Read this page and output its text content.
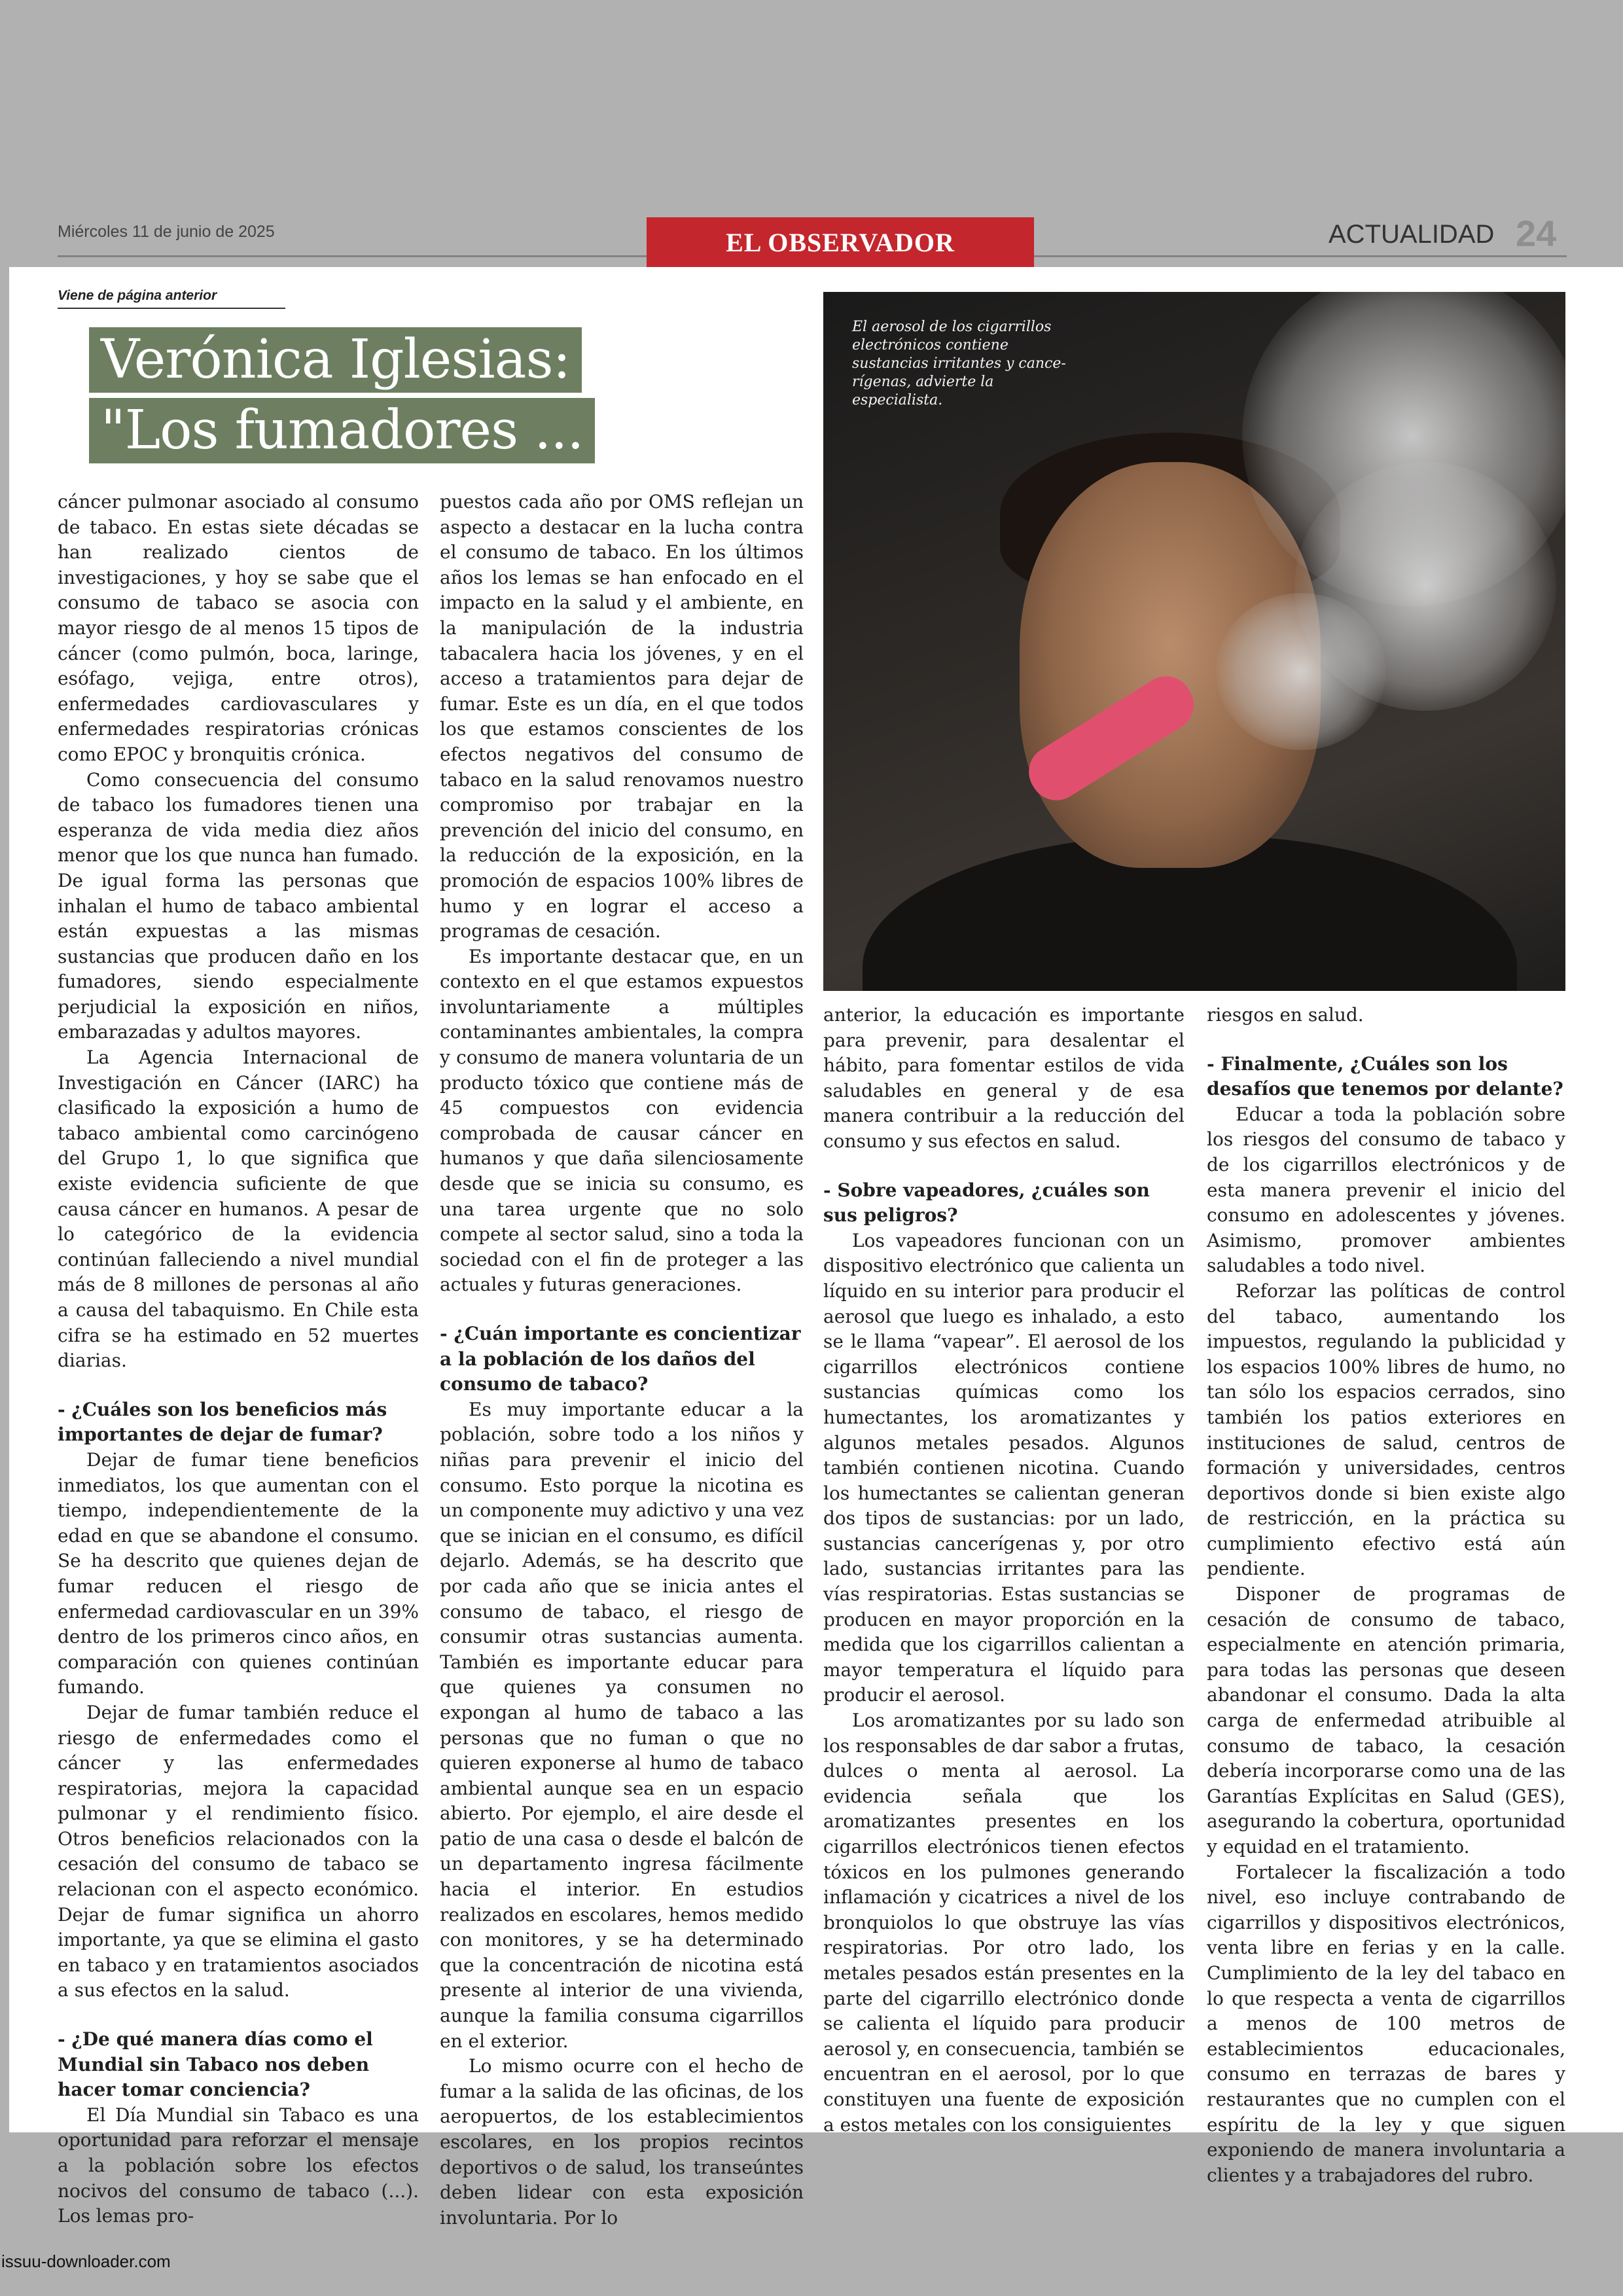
Miércoles 11 de junio de 2025	EL OBSERVADOR	ACTUALIDAD 24
Viene de página anterior
Verónica Iglesias:
"Los fumadores ...

cáncer pulmonar asociado al consumo de tabaco. En estas siete décadas se han realizado cientos de investigaciones, y hoy se sabe que el consumo de tabaco se asocia con mayor riesgo de al menos 15 tipos de cáncer (como pulmón, boca, laringe, esófago, vejiga, entre otros), enfermedades cardiovasculares y enfermedades respiratorias crónicas como EPOC y bronquitis crónica.

Como consecuencia del consumo de tabaco los fumadores tienen una esperanza de vida media diez años menor que los que nunca han fumado. De igual forma las personas que inhalan el humo de tabaco ambiental están expuestas a las mismas sustancias que producen daño en los fumadores, siendo especialmente perjudicial la exposición en niños, embarazadas y adultos mayores.

La Agencia Internacional de Investigación en Cáncer (IARC) ha clasificado la exposición a humo de tabaco ambiental como carcinógeno del Grupo 1, lo que significa que existe evidencia suficiente de que causa cáncer en humanos. A pesar de lo categórico de la evidencia continúan falleciendo a nivel mundial más de 8 millones de personas al año a causa del tabaquismo. En Chile esta cifra se ha estimado en 52 muertes diarias.

- ¿Cuáles son los beneficios más importantes de dejar de fumar?

Dejar de fumar tiene beneficios inmediatos, los que aumentan con el tiempo, independientemente de la edad en que se abandone el consumo. Se ha descrito que quienes dejan de fumar reducen el riesgo de enfermedad cardiovascular en un 39% dentro de los primeros cinco años, en comparación con quienes continúan fumando.

Dejar de fumar también reduce el riesgo de enfermedades como el cáncer y las enfermedades respiratorias, mejora la capacidad pulmonar y el rendimiento físico. Otros beneficios relacionados con la cesación del consumo de tabaco se relacionan con el aspecto económico. Dejar de fumar significa un ahorro importante, ya que se elimina el gasto en tabaco y en tratamientos asociados a sus efectos en la salud.

- ¿De qué manera días como el Mundial sin Tabaco nos deben hacer tomar conciencia?

El Día Mundial sin Tabaco es una oportunidad para reforzar el mensaje a la población sobre los efectos nocivos del consumo de tabaco (...). Los lemas pro-

puestos cada año por OMS reflejan un aspecto a destacar en la lucha contra el consumo de tabaco. En los últimos años los lemas se han enfocado en el impacto en la salud y el ambiente, en la manipulación de la industria tabacalera hacia los jóvenes, y en el acceso a tratamientos para dejar de fumar. Este es un día, en el que todos los que estamos conscientes de los efectos negativos del consumo de tabaco en la salud renovamos nuestro compromiso por trabajar en la prevención del inicio del consumo, en la reducción de la exposición, en la promoción de espacios 100% libres de humo y en lograr el acceso a programas de cesación.

Es importante destacar que, en un contexto en el que estamos expuestos involuntariamente a múltiples contaminantes ambientales, la compra y consumo de manera voluntaria de un producto tóxico que contiene más de 45 compuestos con evidencia comprobada de causar cáncer en humanos y que daña silenciosamente desde que se inicia su consumo, es una tarea urgente que no solo compete al sector salud, sino a toda la sociedad con el fin de proteger a las actuales y futuras generaciones.

- ¿Cuán importante es concientizar a la población de los daños del consumo de tabaco?

Es muy importante educar a la población, sobre todo a los niños y niñas para prevenir el inicio del consumo. Esto porque la nicotina es un componente muy adictivo y una vez que se inician en el consumo, es difícil dejarlo. Además, se ha descrito que por cada año que se inicia antes el consumo de tabaco, el riesgo de consumir otras sustancias aumenta. También es importante educar para que quienes ya consumen no expongan al humo de tabaco a las personas que no fuman o que no quieren exponerse al humo de tabaco ambiental aunque sea en un espacio abierto. Por ejemplo, el aire desde el patio de una casa o desde el balcón de un departamento ingresa fácilmente hacia el interior. En estudios realizados en escolares, hemos medido con monitores, y se ha determinado que la concentración de nicotina está presente al interior de una vivienda, aunque la familia consuma cigarrillos en el exterior.

Lo mismo ocurre con el hecho de fumar a la salida de las oficinas, de los aeropuertos, de los establecimientos escolares, en los propios recintos deportivos o de salud, los transeúntes deben lidear con esta exposición involuntaria. Por lo

El aerosol de los cigarrillos electrónicos contiene sustancias irritantes y cance-rígenas, advierte la especialista.

anterior, la educación es importante para prevenir, para desalentar el hábito, para fomentar estilos de vida saludables en general y de esa manera contribuir a la reducción del consumo y sus efectos en salud.

- Sobre vapeadores, ¿cuáles son sus peligros?

Los vapeadores funcionan con un dispositivo electrónico que calienta un líquido en su interior para producir el aerosol que luego es inhalado, a esto se le llama “vapear”. El aerosol de los cigarrillos electrónicos contiene sustancias químicas como los humectantes, los aromatizantes y algunos metales pesados. Algunos también contienen nicotina. Cuando los humectantes se calientan generan dos tipos de sustancias: por un lado, sustancias cancerígenas y, por otro lado, sustancias irritantes para las vías respiratorias. Estas sustancias se producen en mayor proporción en la medida que los cigarrillos calientan a mayor temperatura el líquido para producir el aerosol.

Los aromatizantes por su lado son los responsables de dar sabor a frutas, dulces o menta al aerosol. La evidencia señala que los aromatizantes presentes en los cigarrillos electrónicos tienen efectos tóxicos en los pulmones generando inflamación y cicatrices a nivel de los bronquiolos lo que obstruye las vías respiratorias. Por otro lado, los metales pesados están presentes en la parte del cigarrillo electrónico donde se calienta el líquido para producir aerosol y, en consecuencia, también se encuentran en el aerosol, por lo que constituyen una fuente de exposición a estos metales con los consiguientes

riesgos en salud.

- Finalmente, ¿Cuáles son los desafíos que tenemos por delante?

Educar a toda la población sobre los riesgos del consumo de tabaco y de los cigarrillos electrónicos y de esta manera prevenir el inicio del consumo en adolescentes y jóvenes. Asimismo, promover ambientes saludables a todo nivel.

Reforzar las políticas de control del tabaco, aumentando los impuestos, regulando la publicidad y los espacios 100% libres de humo, no tan sólo los espacios cerrados, sino también los patios exteriores en instituciones de salud, centros de formación y universidades, centros deportivos donde si bien existe algo de restricción, en la práctica su cumplimiento efectivo está aún pendiente.

Disponer de programas de cesación de consumo de tabaco, especialmente en atención primaria, para todas las personas que deseen abandonar el consumo. Dada la alta carga de enfermedad atribuible al consumo de tabaco, la cesación debería incorporarse como una de las Garantías Explícitas en Salud (GES), asegurando la cobertura, oportunidad y equidad en el tratamiento.

Fortalecer la fiscalización a todo nivel, eso incluye contrabando de cigarrillos y dispositivos electrónicos, venta libre en ferias y en la calle. Cumplimiento de la ley del tabaco en lo que respecta a venta de cigarrillos a menos de 100 metros de establecimientos educacionales, consumo en terrazas de bares y restaurantes que no cumplen con el espíritu de la ley y que siguen exponiendo de manera involuntaria a clientes y a trabajadores del rubro.

issuu-downloader.com
